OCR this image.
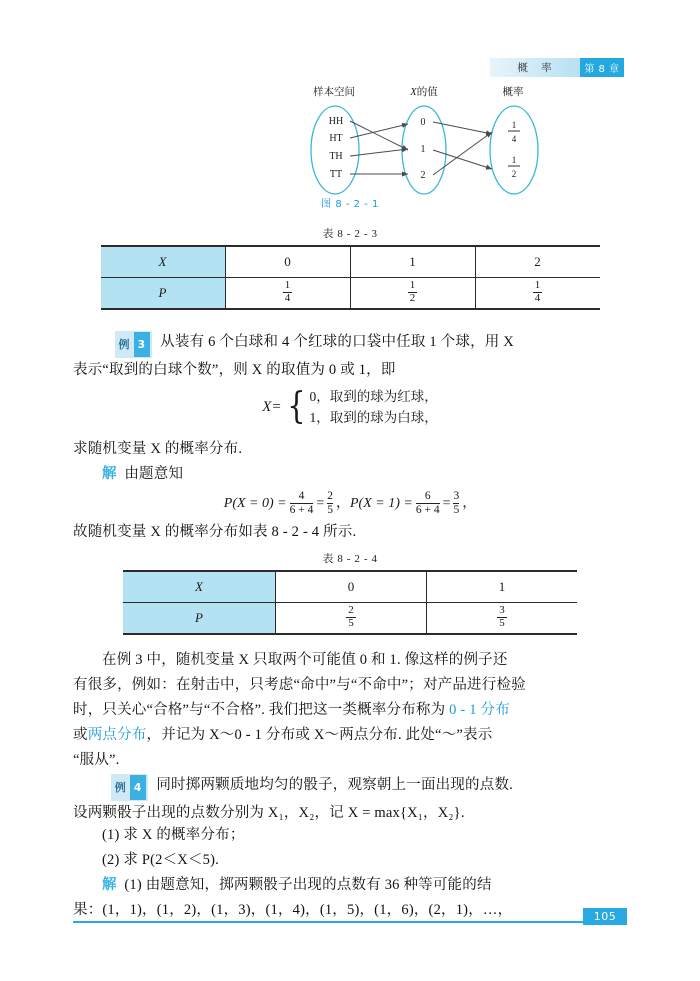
概 率	第 8 章
样本空间	X的值	概率
HH
HT
TH
TT
0
1
2
1
4
1
2
图 8 - 2 - 1
表 8 - 2 - 3
X	0	1	2
P	$\frac{1}{4}$	$\frac{1}{2}$	$\frac{1}{4}$
例 3 从装有 6 个白球和 4 个红球的口袋中任取 1 个球，用 X
表示“取到的白球个数”，则 X 的取值为 0 或 1，即
X= { 0，取到的球为红球，
1，取到的球为白球，
求随机变量 X 的概率分布.
解 由题意知
$P(X = 0) = \frac{4}{6 + 4} = \frac{2}{5}$ ，$P(X = 1) = \frac{6}{6 + 4} = \frac{3}{5}$ ，
故随机变量 X 的概率分布如表 8 - 2 - 4 所示.
表 8 - 2 - 4
X	0	1
P	$\frac{2}{5}$	$\frac{3}{5}$
在例 3 中，随机变量 X 只取两个可能值 0 和 1. 像这样的例子还
有很多，例如：在射击中，只考虑“命中”与“不命中”；对产品进行检验
时，只关心“合格”与“不合格”. 我们把这一类概率分布称为 0 - 1 分布
或两点分布，并记为 X～0 - 1 分布或 X～两点分布. 此处“～”表示
“服从”.
例 4 同时掷两颗质地均匀的骰子，观察朝上一面出现的点数.
设两颗骰子出现的点数分别为 X₁，X₂，记 X = max{X₁，X₂}.
(1) 求 X 的概率分布；
(2) 求 P(2＜X＜5).
解 (1) 由题意知，掷两颗骰子出现的点数有 36 种等可能的结
果：(1，1)，(1，2)，(1，3)，(1，4)，(1，5)，(1，6)，(2，1)，…，	105
